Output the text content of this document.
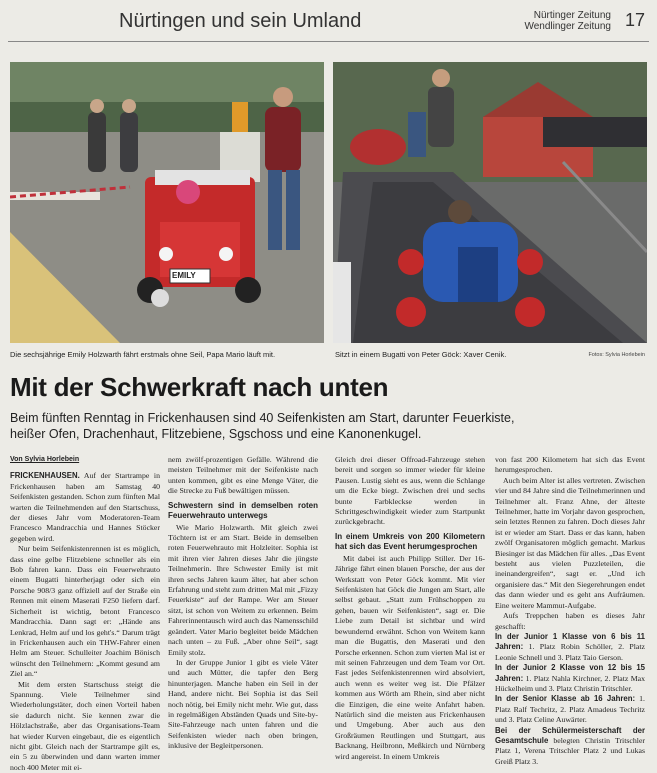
Nürtingen und sein Umland	Nürtinger Zeitung
Wendlinger Zeitung 17
EMILY
Die sechsjährige Emily Holzwarth fährt erstmals ohne Seil, Papa Mario läuft mit.	Sitzt in einem Bugatti von Peter Göck: Xaver Cenik.	Fotos: Sylvia Horlebein
Mit der Schwerkraft nach unten
Beim fünften Renntag in Frickenhausen sind 40 Seifenkisten am Start, darunter Feuerkiste, heißer Ofen, Drachenhaut, Flitzebiene, Sgschoss und eine Kanonenkugel.
Von Sylvia Horlebein

FRICKENHAUSEN. Auf der Startrampe in Frickenhausen haben am Samstag 40 Seifenkisten gestanden. Schon zum fünften Mal warten die Teilnehmenden auf den Startschuss, der dieses Jahr vom Moderatoren-Team Francesco Mandracchia und Hannes Stöcker gegeben wird.

Nur beim Seifenkistenrennen ist es möglich, dass eine gelbe Flitzebiene schneller als ein Bob fahren kann. Dass ein Feuerwehrauto einem Bugatti hinterherjagt oder sich ein Porsche 908/3 ganz offiziell auf der Straße ein Rennen mit einem Maserati F250 liefern darf. Sicherheit ist wichtig, betont Francesco Mandracchia. Dann sagt er: „Hände ans Lenkrad, Helm auf und los geht's.“ Darum trägt in Frickenhausen auch ein THW-Fahrer einen Helm am Steuer. Schulleiter Joachim Bönisch wünscht den Teilnehmern: „Kommt gesund am Ziel an.“

Mit dem ersten Startschuss steigt die Spannung. Viele Teilnehmer sind Wiederholungstäter, doch einen Vorteil haben sie dadurch nicht. Sie kennen zwar die Hölzlachstraße, aber das Organisations-Team hat wieder Kurven eingebaut, die es eigentlich nicht gibt. Gleich nach der Startrampe gilt es, ein 5 zu überwinden und dann warten immer noch 400 Meter mit ei-

nem zwölf-prozentigen Gefälle. Während die meisten Teilnehmer mit der Seifenkiste nach unten kommen, gibt es eine Menge Väter, die die Strecke zu Fuß bewältigen müssen.

Schwestern sind in demselben roten Feuerwehrauto unterwegs

Wie Mario Holzwarth. Mit gleich zwei Töchtern ist er am Start. Beide in demselben roten Feuerwehrauto mit Holzleiter. Sophia ist mit ihren vier Jahren dieses Jahr die jüngste Teilnehmerin. Ihre Schwester Emily ist mit ihren sechs Jahren kaum älter, hat aber schon Erfahrung und steht zum dritten Mal mit „Fizzy Feuerkiste“ auf der Rampe. Wer am Steuer sitzt, ist schon von Weitem zu erkennen. Beim Fahrerinnentausch wird auch das Namensschild geändert. Vater Mario begleitet beide Mädchen nach unten – zu Fuß. „Aber ohne Seil“, sagt Emily stolz.

In der Gruppe Junior 1 gibt es viele Väter und auch Mütter, die tapfer den Berg hinunterjagen. Manche haben ein Seil in der Hand, andere nicht. Bei Sophia ist das Seil noch nötig, bei Emily nicht mehr. Wie gut, dass in regelmäßigen Abständen Quads und Site-by-Site-Fahrzeuge nach unten fahren und die Seifenkisten wieder nach oben bringen, inklusive der Begleitpersonen.

Gleich drei dieser Offroad-Fahrzeuge stehen bereit und sorgen so immer wieder für kleine Pausen. Lustig sieht es aus, wenn die Schlange um die Ecke biegt. Zwischen drei und sechs bunte Farbkleckse werden in Schrittgeschwindigkeit wieder zum Startpunkt zurückgebracht.

In einem Umkreis von 200 Kilometern hat sich das Event herumgesprochen

Mit dabei ist auch Philipp Stiller. Der 16-Jährige fährt einen blauen Porsche, der aus der Werkstatt von Peter Göck kommt. Mit vier Seifenkisten hat Göck die Jungen am Start, alle selbst gebaut. „Statt zum Frühschoppen zu gehen, bauen wir Seifenkisten“, sagt er. Die Liebe zum Detail ist sichtbar und wird bewundernd erwähnt. Schon von Weitem kann man die Bugattis, den Maserati und den Porsche erkennen. Schon zum vierten Mal ist er mit seinen Fahrzeugen und dem Team vor Ort. Fast jedes Seifenkistenrennen wird absolviert, auch wenn es weiter weg ist. Die Pfälzer kommen aus Wörth am Rhein, sind aber nicht die Einzigen, die eine weite Anfahrt haben. Natürlich sind die meisten aus Frickenhausen und Umgebung. Aber auch aus den Großräumen Reutlingen und Stuttgart, aus Backnang, Heilbronn, Meßkirch und Nürnberg wird angereist. In einem Umkreis

von fast 200 Kilometern hat sich das Event herumgesprochen.

Auch beim Alter ist alles vertreten. Zwischen vier und 84 Jahre sind die Teilnehmerinnen und Teilnehmer alt. Franz Ahne, der älteste Teilnehmer, hatte im Vorjahr davon gesprochen, sein letztes Rennen zu fahren. Doch dieses Jahr ist er wieder am Start. Dass er das kann, haben zwölf Organisatoren möglich gemacht. Markus Biesinger ist das Mädchen für alles. „Das Event besteht aus vielen Puzzleteilen, die ineinandergreifen“, sagt er. „Und ich organisiere das.“ Mit den Siegerehrungen endet das dann wieder und es geht ans Aufräumen. Eine weitere Mammut-Aufgabe.

Aufs Treppchen haben es dieses Jahr geschafft:

In der Junior 1 Klasse von 6 bis 11 Jahren: 1. Platz Robin Schöller, 2. Platz Leonie Schnell und 3. Platz Taio Gerson.

In der Junior 2 Klasse von 12 bis 15 Jahren: 1. Platz Nahla Kirchner, 2. Platz Max Hückelheim und 3. Platz Christin Tritschler.

In der Senior Klasse ab 16 Jahren: 1. Platz Ralf Techritz, 2. Platz Amadeus Techritz und 3. Platz Celine Auwärter.

Bei der Schülermeisterschaft der Gesamtschule belegten Christin Tritschler Platz 1, Verena Tritschler Platz 2 und Lukas Greiß Platz 3.
